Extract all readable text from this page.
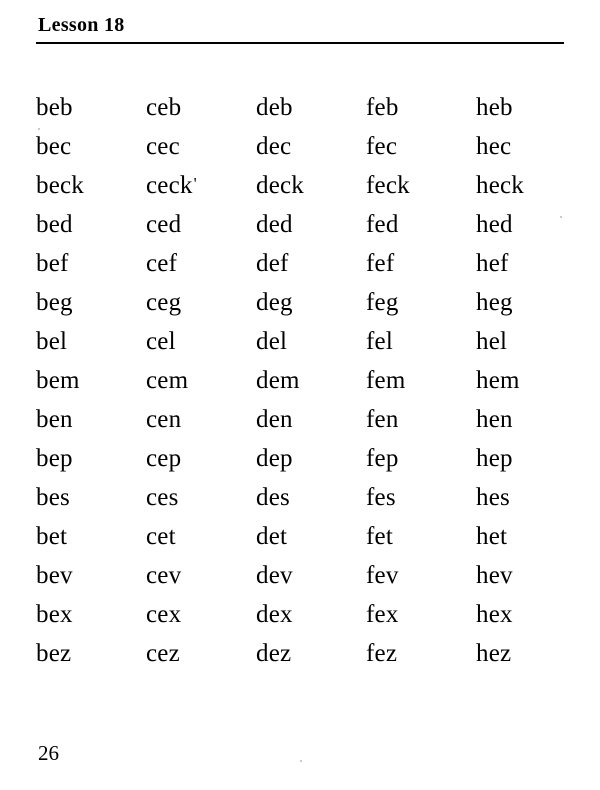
Lesson 18
beb	ceb	deb	feb	heb
bec	cec	dec	fec	hec
beck	ceck '	deck	feck	heck
bed	ced	ded	fed	hed
bef	cef	def	fef	hef
beg	ceg	deg	feg	heg
bel	cel	del	fel	hel
bem	cem	dem	fem	hem
ben	cen	den	fen	hen
bep	cep	dep	fep	hep
bes	ces	des	fes	hes
bet	cet	det	fet	het
bev	cev	dev	fev	hev
bex	cex	dex	fex	hex
bez	cez	dez	fez	hez
26
